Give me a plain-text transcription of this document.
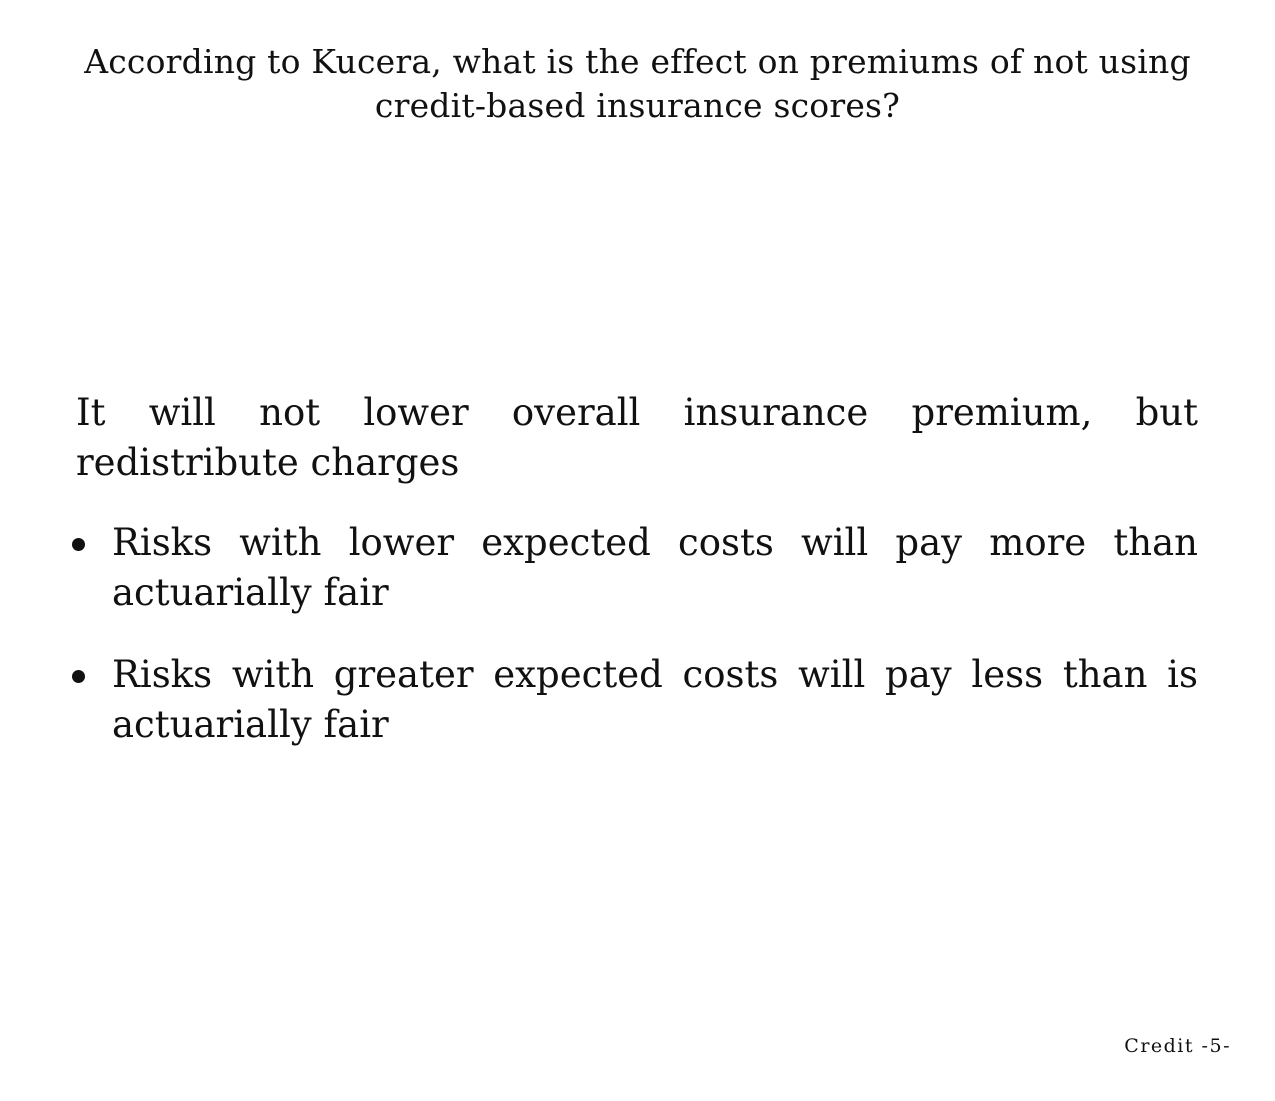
According to Kucera, what is the effect on premiums of not using credit-based insurance scores?

It will not lower overall insurance premium, but redistribute charges

Risks with lower expected costs will pay more than actuarially fair
Risks with greater expected costs will pay less than is actuarially fair
Credit -5-
